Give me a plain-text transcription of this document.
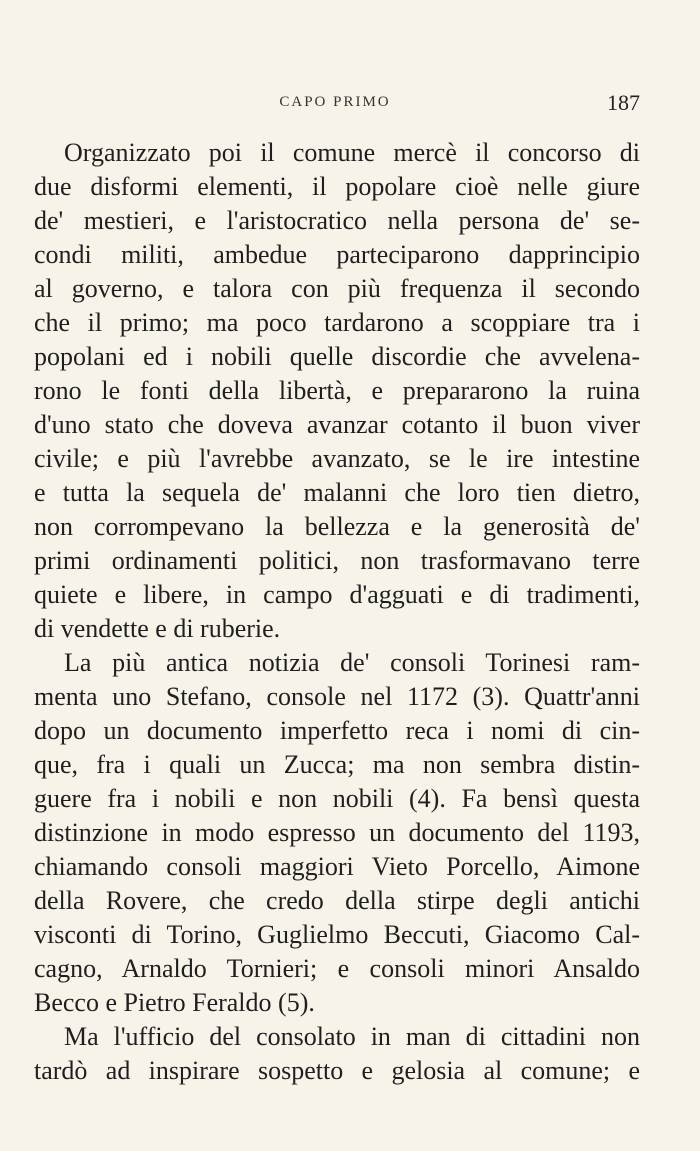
CAPO PRIMO	187
Organizzato poi il comune mercè il concorso di
due disformi elementi, il popolare cioè nelle giure
de' mestieri, e l'aristocratico nella persona de' se-
condi militi, ambedue parteciparono dapprincipio
al governo, e talora con più frequenza il secondo
che il primo; ma poco tardarono a scoppiare tra i
popolani ed i nobili quelle discordie che avvelena-
rono le fonti della libertà, e prepararono la ruina
d'uno stato che doveva avanzar cotanto il buon viver
civile; e più l'avrebbe avanzato, se le ire intestine
e tutta la sequela de' malanni che loro tien dietro,
non corrompevano la bellezza e la generosità de'
primi ordinamenti politici, non trasformavano terre
quiete e libere, in campo d'agguati e di tradimenti,
di vendette e di ruberie.
La più antica notizia de' consoli Torinesi ram-
menta uno Stefano, console nel 1172 (3). Quattr'anni
dopo un documento imperfetto reca i nomi di cin-
que, fra i quali un Zucca; ma non sembra distin-
guere fra i nobili e non nobili (4). Fa bensì questa
distinzione in modo espresso un documento del 1193,
chiamando consoli maggiori Vieto Porcello, Aimone
della Rovere, che credo della stirpe degli antichi
visconti di Torino, Guglielmo Beccuti, Giacomo Cal-
cagno, Arnaldo Tornieri; e consoli minori Ansaldo
Becco e Pietro Feraldo (5).
Ma l'ufficio del consolato in man di cittadini non
tardò ad inspirare sospetto e gelosia al comune; e
